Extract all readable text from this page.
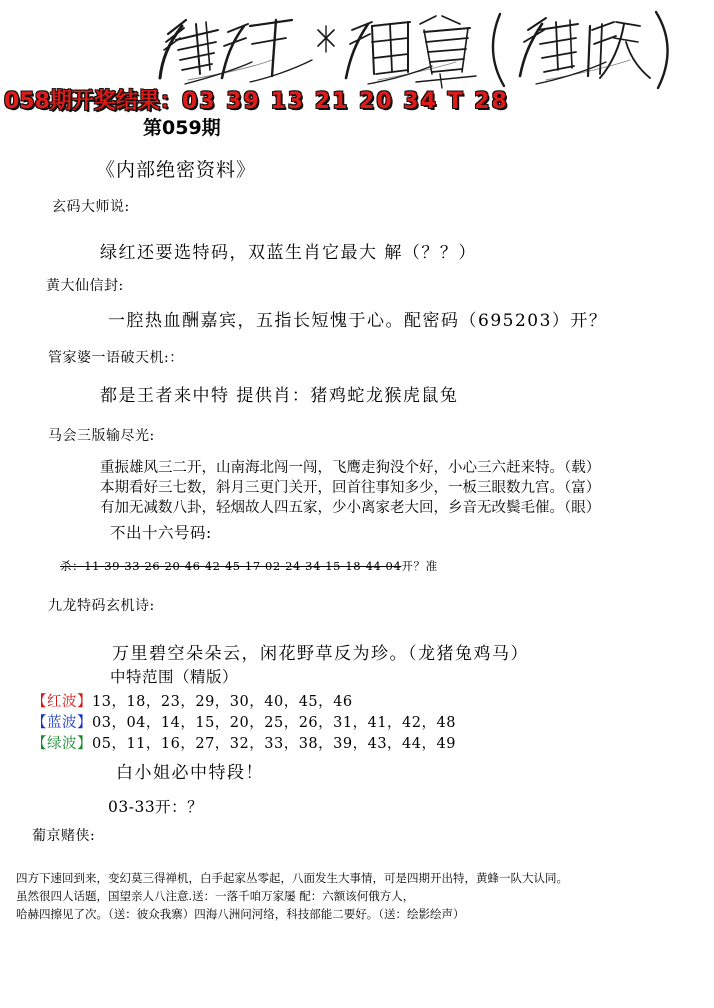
058期开奖结果：03 39 13 21 20 34 T 28
第059期
《内部绝密资料》
玄码大师说:
绿红还要选特码，双蓝生肖它最大 解（？？）
黄大仙信封:
一腔热血酬嘉宾，五指长短愧于心。配密码（695203）开？
管家婆一语破天机:：
都是王者来中特 提供肖：猪鸡蛇龙猴虎鼠兔
马会三版输尽光:
重振雄风三二开，山南海北闯一闯，飞鹰走狗没个好，小心三六赶来特。（载）
本期看好三七数，斜月三更门关开，回首往事知多少，一板三眼数九宫。（富）
有加无减数八卦，轻烟故人四五家，少小离家老大回，乡音无改鬓毛催。（眼）
不出十六号码:
杀：11 39 33 26 20 46 42 45 17 02 24 34 15 18 44 04开？准
九龙特码玄机诗:
万里碧空朵朵云，闲花野草反为珍。（龙猪兔鸡马）
中特范围（精版）
【红波】13，18，23，29，30，40，45，46
【蓝波】03，04，14，15，20，25，26，31，41，42，48
【绿波】05，11，16，27，32，33，38，39，43，44，49
白小姐必中特段！
03-33开：？
葡京赌侠:
四方下速回到来，变幻莫三得禅机，白手起家丛零起，八面发生大事情，可是四期开出特，黄蜂一队大认同。
虽然很四人话题，国望亲人八注意.送：一落千咱万家屡 配：六额该何俄方人，
哈赫四擦见了次。（送：彼众我寨）四海八洲问河络，科技部能二要好。（送：绘影绘声）
